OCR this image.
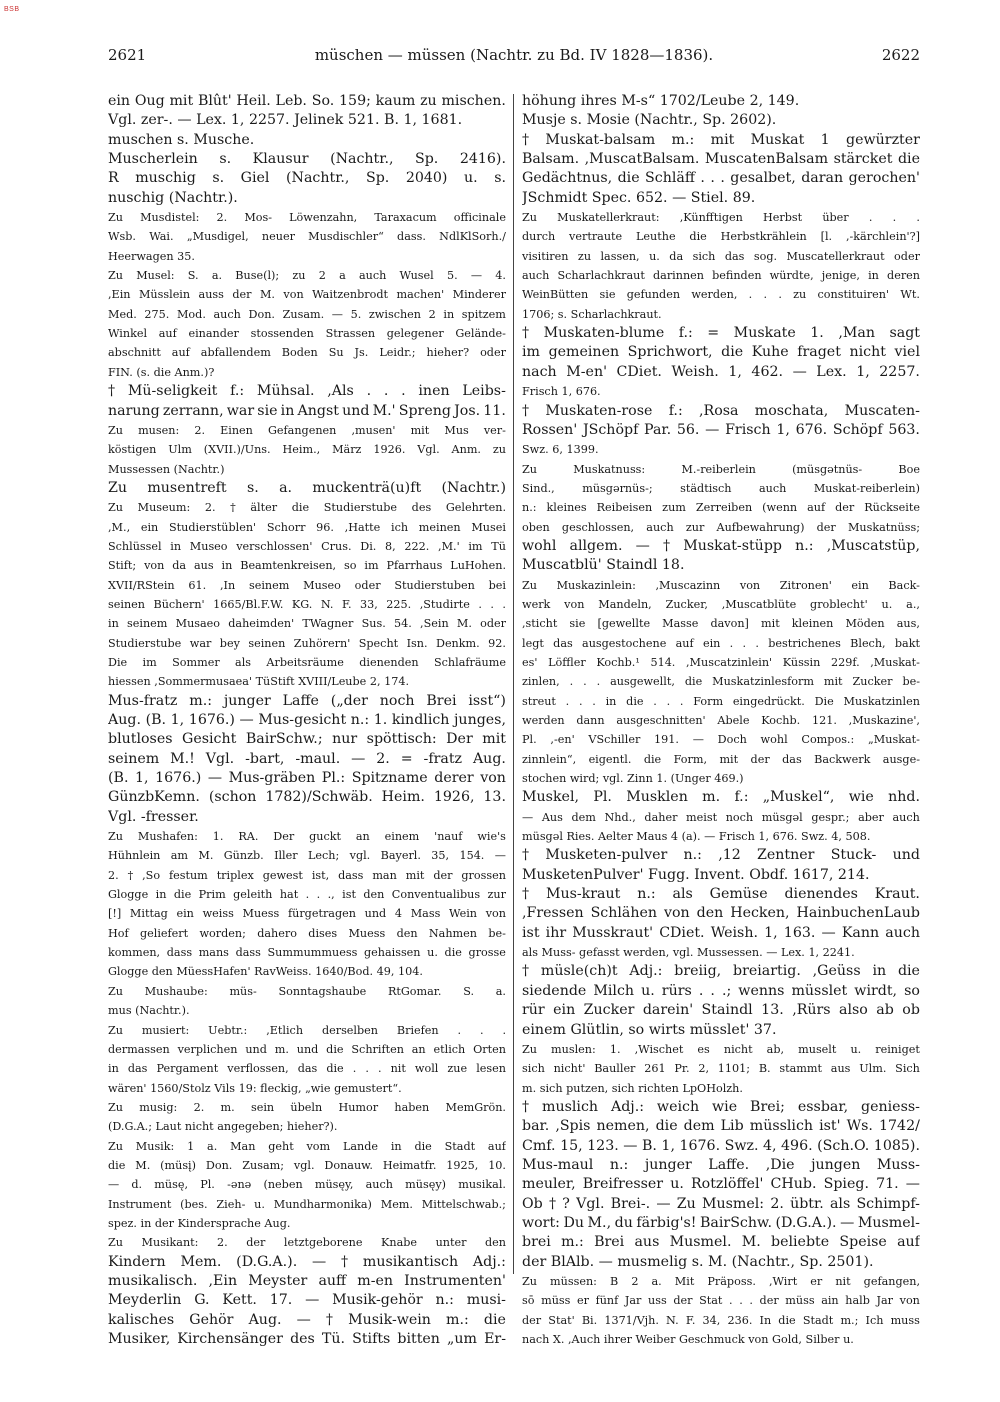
BSB
2621	müschen — müssen (Nachtr. zu Bd. IV 1828—1836).	2622
ein Oug mit Blût' Heil. Leb. So. 159; kaum zu mischen.
Vgl. zer-. — Lex. 1, 2257. Jelinek 521. B. 1, 1681.
muschen s. Musche.
Muscherlein s. Klausur (Nachtr., Sp. 2416).
R muschig s. Giel (Nachtr., Sp. 2040) u. s.
nuschig (Nachtr.).
Zu Musdistel: 2. Mos- Löwenzahn, Taraxacum officinale
Wsb. Wai. „Musdigel, neuer Musdischler“ dass. NdlKlSorh./
Heerwagen 35.
Zu Musel: S. a. Buse(l); zu 2 a auch Wusel 5. — 4.
,Ein Müsslein auss der M. von Waitzenbrodt machen' Minderer
Med. 275. Mod. auch Don. Zusam. — 5. zwischen 2 in spitzem
Winkel auf einander stossenden Strassen gelegener Gelände-
abschnitt auf abfallendem Boden Su Js. Leidr.; hieher? oder
FIN. (s. die Anm.)?
† Mü-seligkeit f.: Mühsal. ,Als . . . inen Leibs-
narung zerrann, war sie in Angst und M.' Spreng Jos. 11.
Zu musen: 2. Einen Gefangenen ,musen' mit Mus ver-
köstigen Ulm (XVII.)/Uns. Heim., März 1926. Vgl. Anm. zu
Mussessen (Nachtr.)
Zu musentreft s. a. muckenträ(u)ft (Nachtr.)
Zu Museum: 2. † älter die Studierstube des Gelehrten.
,M., ein Studierstüblen' Schorr 96. ,Hatte ich meinen Musei
Schlüssel in Museo verschlossen' Crus. Di. 8, 222. ,M.' im Tü
Stift; von da aus in Beamtenkreisen, so im Pfarrhaus LuHohen.
XVII/RStein 61. ,In seinem Museo oder Studierstuben bei
seinen Büchern' 1665/Bl.F.W. KG. N. F. 33, 225. ,Studirte . . .
in seinem Musaeo daheimden' TWagner Sus. 54. ,Sein M. oder
Studierstube war bey seinen Zuhörern' Specht Isn. Denkm. 92.
Die im Sommer als Arbeitsräume dienenden Schlafräume
hiessen ,Sommermusaea' TüStift XVIII/Leube 2, 174.
Mus-fratz m.: junger Laffe („der noch Brei isst“)
Aug. (B. 1, 1676.) — Mus-gesicht n.: 1. kindlich junges,
blutloses Gesicht BairSchw.; nur spöttisch: Der mit
seinem M.! Vgl. -bart, -maul. — 2. = -fratz Aug.
(B. 1, 1676.) — Mus-gräben Pl.: Spitzname derer von
GünzbKemn. (schon 1782)/Schwäb. Heim. 1926, 13.
Vgl. -fresser.
Zu Mushafen: 1. RA. Der guckt an einem 'nauf wie's
Hühnlein am M. Günzb. Iller Lech; vgl. Bayerl. 35, 154. —
2. † ,So festum triplex gewest ist, dass man mit der grossen
Glogge in die Prim geleith hat . . ., ist den Conventualibus zur
[!] Mittag ein weiss Muess fürgetragen und 4 Mass Wein von
Hof geliefert worden; dahero dises Muess den Nahmen be-
kommen, dass mans dass Summummuess gehaissen u. die grosse
Glogge den MüessHafen' RavWeiss. 1640/Bod. 49, 104.
Zu Mushaube: müs- Sonntagshaube RtGomar. S. a.
mus (Nachtr.).
Zu musiert: Uebtr.: ,Etlich derselben Briefen . . .
dermassen verplichen und m. und die Schriften an etlich Orten
in das Pergament verflossen, das die . . . nit woll zue lesen
wären' 1560/Stolz Vils 19: fleckig, „wie gemustert“.
Zu musig: 2. m. sein übeln Humor haben MemGrön.
(D.G.A.; Laut nicht angegeben; hieher?).
Zu Musik: 1 a. Man geht vom Lande in die Stadt auf
die M. (müsį) Don. Zusam; vgl. Donauw. Heimatfr. 1925, 10.
— d. müsę, Pl. -ənə (neben müsęy, auch müsęy) musikal.
Instrument (bes. Zieh- u. Mundharmonika) Mem. Mittelschwab.;
spez. in der Kindersprache Aug.
Zu Musikant: 2. der letztgeborene Knabe unter den
Kindern Mem. (D.G.A.). — † musikantisch Adj.:
musikalisch. ,Ein Meyster auff m-en Instrumenten'
Meyderlin G. Kett. 17. — Musik-gehör n.: musi-
kalisches Gehör Aug. — † Musik-wein m.: die
Musiker, Kirchensänger des Tü. Stifts bitten „um Er-
höhung ihres M-s“ 1702/Leube 2, 149.
Musje s. Mosie (Nachtr., Sp. 2602).
† Muskat-balsam m.: mit Muskat 1 gewürzter
Balsam. ,MuscatBalsam. MuscatenBalsam stärcket die
Gedächtnus, die Schläff . . . gesalbet, daran gerochen'
JSchmidt Spec. 652. — Stiel. 89.
Zu Muskatellerkraut: ,Künfftigen Herbst über . . .
durch vertraute Leuthe die Herbstkrählein [l. ,-kärchlein'?]
visitiren zu lassen, u. da sich das sog. Muscatellerkraut oder
auch Scharlachkraut darinnen befinden würdte, jenige, in deren
WeinBütten sie gefunden werden, . . . zu constituiren' Wt.
1706; s. Scharlachkraut.
† Muskaten-blume f.: = Muskate 1. ,Man sagt
im gemeinen Sprichwort, die Kuhe fraget nicht viel
nach M-en' CDiet. Weish. 1, 462. — Lex. 1, 2257.
Frisch 1, 676.
† Muskaten-rose f.: ,Rosa moschata, Muscaten-
Rossen' JSchöpf Par. 56. — Frisch 1, 676. Schöpf 563.
Swz. 6, 1399.
Zu	Muskatnuss:	M.-reiberlein	(müsgətnüs-	Boe
Sind., müsgərnüs-; städtisch auch Muskat-reiberlein)
n.: kleines Reibeisen zum Zerreiben (wenn auf der Rückseite
oben geschlossen, auch zur Aufbewahrung) der Muskatnüss;
wohl allgem. — † Muskat-stüpp n.: ,Muscatstüp,
Muscatblü' Staindl 18.
Zu Muskazinlein: ,Muscazinn von Zitronen' ein Back-
werk von Mandeln, Zucker, ,Muscatblüte groblecht' u. a.,
,sticht sie [gewellte Masse davon] mit kleinen Möden aus,
legt das ausgestochene auf ein . . . bestrichenes Blech, bakt
es' Löffler Kochb.¹ 514. ,Muscatzinlein' Küssin 229f. ,Muskat-
zinlen, . . . ausgewellt, die Muskatzinlesform mit Zucker be-
streut . . . in die . . . Form eingedrückt. Die Muskatzinlen
werden dann ausgeschnitten' Abele Kochb. 121. ,Muskazine',
Pl. ,-en' VSchiller 191. — Doch wohl Compos.: „Muskat-
zinnlein“, eigentl. die Form, mit der das Backwerk ausge-
stochen wird; vgl. Zinn 1. (Unger 469.)
Muskel, Pl. Musklen m. f.: „Muskel“, wie nhd.
— Aus dem Nhd., daher meist noch müsgəl gespr.; aber auch
müsgəl Ries. Aelter Maus 4 (a). — Frisch 1, 676. Swz. 4, 508.
† Musketen-pulver n.: ,12 Zentner Stuck- und
MusketenPulver' Fugg. Invent. Obdf. 1617, 214.
† Mus-kraut n.: als Gemüse dienendes Kraut.
,Fressen Schlähen von den Hecken, HainbuchenLaub
ist ihr Musskraut' CDiet. Weish. 1, 163. — Kann auch
als Muss- gefasst werden, vgl. Mussessen. — Lex. 1, 2241.
† müsle(ch)t Adj.: breiig, breiartig. ,Geüss in die
siedende Milch u. rürs . . .; wenns müsslet wirdt, so
rür ein Zucker darein' Staindl 13. ,Rürs also ab ob
einem Glütlin, so wirts müsslet' 37.
Zu muslen: 1. ,Wischet es nicht ab, muselt u. reiniget
sich nicht' Bauller 261 Pr. 2, 1101; B. stammt aus Ulm. Sich
m. sich putzen, sich richten LpOHolzh.
† muslich Adj.: weich wie Brei; essbar, geniess-
bar. ,Spis nemen, die dem Lib müsslich ist' Ws. 1742/
Cmf. 15, 123. — B. 1, 1676. Swz. 4, 496. (Sch.O. 1085).
Mus-maul n.: junger Laffe. ,Die jungen Muss-
meuler, Breifresser u. Rotzlöffel' CHub. Spieg. 71. —
Ob † ? Vgl. Brei-. — Zu Musmel: 2. übtr. als Schimpf-
wort: Du M., du färbig's! BairSchw. (D.G.A.). — Musmel-
brei m.: Brei aus Musmel. M. beliebte Speise auf
der BlAlb. — musmelig s. M. (Nachtr., Sp. 2501).
Zu müssen: B 2 a. Mit Präposs. ,Wirt er nit gefangen,
sō müss er fünf Jar uss der Stat . . . der müss ain halb Jar von
der Stat' Bi. 1371/Vjh. N. F. 34, 236. In die Stadt m.; Ich muss
nach X. ,Auch ihrer Weiber Geschmuck von Gold, Silber u.
